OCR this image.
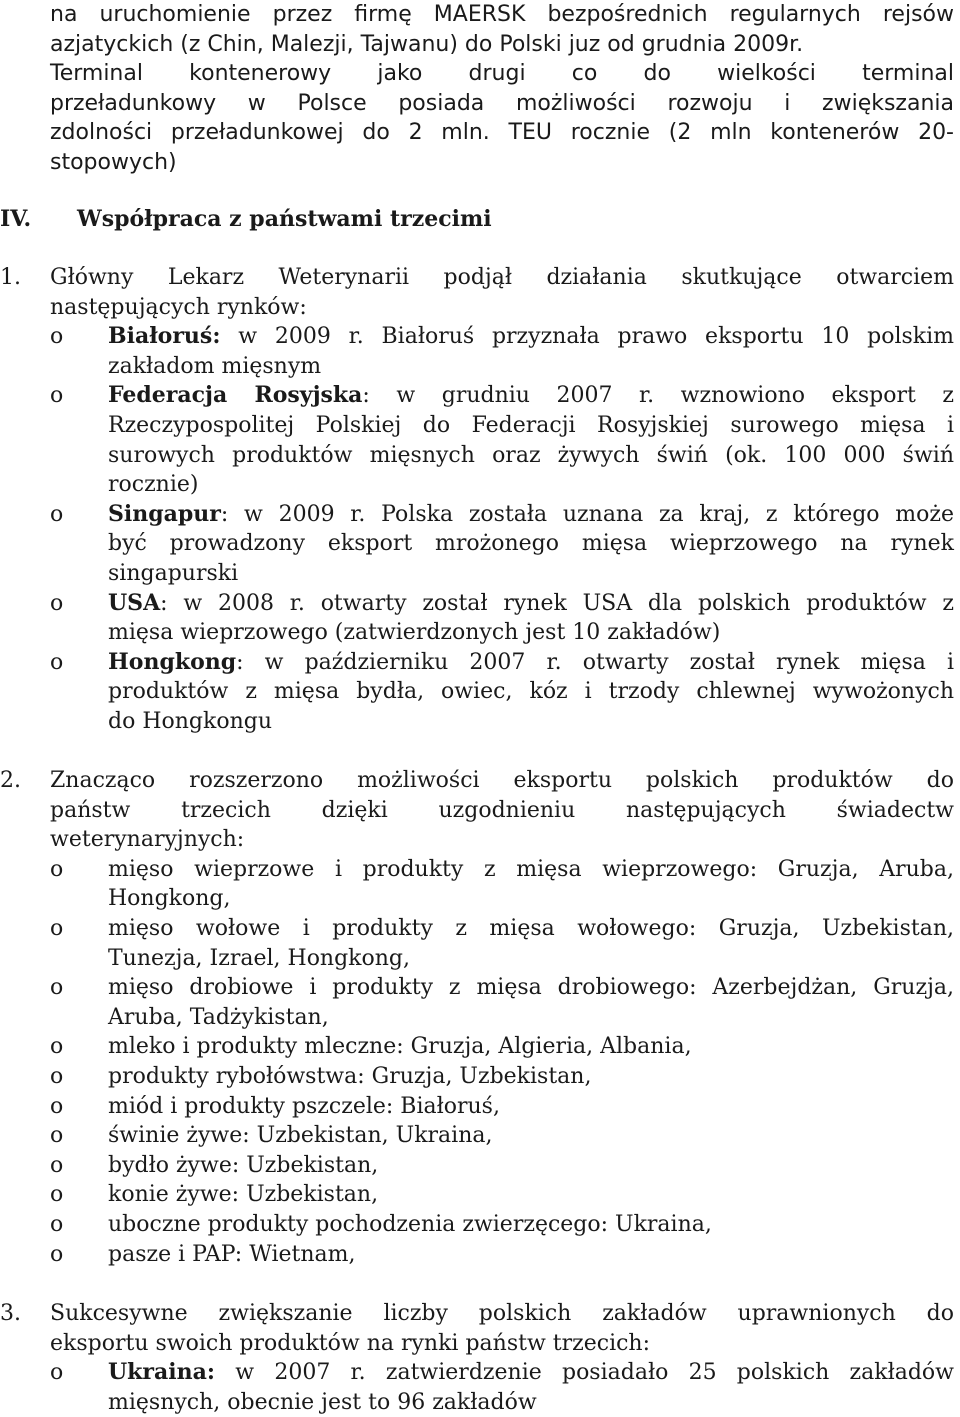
na uruchomienie przez firmę MAERSK bezpośrednich regularnych rejsów
azjatyckich (z Chin, Malezji, Tajwanu) do Polski juz od grudnia 2009r.
Terminal kontenerowy jako drugi co do wielkości terminal
przeładunkowy w Polsce posiada możliwości rozwoju i zwiększania
zdolności przeładunkowej do 2 mln. TEU rocznie (2 mln kontenerów 20-
stopowych)
IV. Współpraca z państwami trzecimi
1. Główny Lekarz Weterynarii podjął działania skutkujące otwarciem
następujących rynków:
o Białoruś: w 2009 r. Białoruś przyznała prawo eksportu 10 polskim
zakładom mięsnym
o Federacja Rosyjska: w grudniu 2007 r. wznowiono eksport z
Rzeczypospolitej Polskiej do Federacji Rosyjskiej surowego mięsa i
surowych produktów mięsnych oraz żywych świń (ok. 100 000 świń
rocznie)
o Singapur: w 2009 r. Polska została uznana za kraj, z którego może
być prowadzony eksport mrożonego mięsa wieprzowego na rynek
singapurski
o USA: w 2008 r. otwarty został rynek USA dla polskich produktów z
mięsa wieprzowego (zatwierdzonych jest 10 zakładów)
o Hongkong: w październiku 2007 r. otwarty został rynek mięsa i
produktów z mięsa bydła, owiec, kóz i trzody chlewnej wywożonych
do Hongkongu
2. Znacząco rozszerzono możliwości eksportu polskich produktów do
państw trzecich dzięki uzgodnieniu następujących świadectw
weterynaryjnych:
o mięso wieprzowe i produkty z mięsa wieprzowego: Gruzja, Aruba,
Hongkong,
o mięso wołowe i produkty z mięsa wołowego: Gruzja, Uzbekistan,
Tunezja, Izrael, Hongkong,
o mięso drobiowe i produkty z mięsa drobiowego: Azerbejdżan, Gruzja,
Aruba, Tadżykistan,
o mleko i produkty mleczne: Gruzja, Algieria, Albania,
o produkty rybołówstwa: Gruzja, Uzbekistan,
o miód i produkty pszczele: Białoruś,
o świnie żywe: Uzbekistan, Ukraina,
o bydło żywe: Uzbekistan,
o konie żywe: Uzbekistan,
o uboczne produkty pochodzenia zwierzęcego: Ukraina,
o pasze i PAP: Wietnam,
3. Sukcesywne zwiększanie liczby polskich zakładów uprawnionych do
eksportu swoich produktów na rynki państw trzecich:
o Ukraina: w 2007 r. zatwierdzenie posiadało 25 polskich zakładów
mięsnych, obecnie jest to 96 zakładów
